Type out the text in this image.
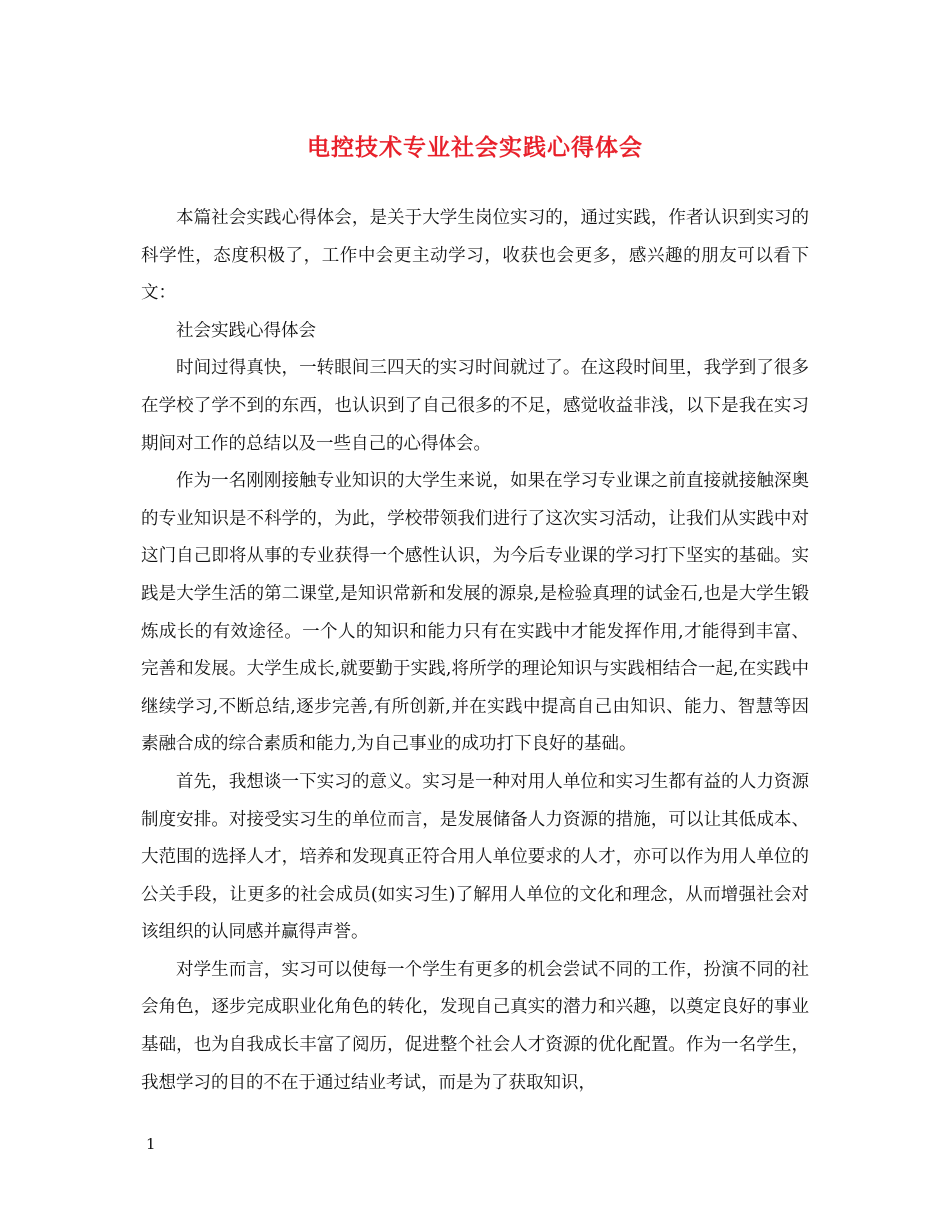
电控技术专业社会实践心得体会

本篇社会实践心得体会，是关于大学生岗位实习的，通过实践，作者认识到实习的科学性，态度积极了，工作中会更主动学习，收获也会更多，感兴趣的朋友可以看下文：

社会实践心得体会

时间过得真快，一转眼间三四天的实习时间就过了。在这段时间里，我学到了很多在学校了学不到的东西，也认识到了自己很多的不足，感觉收益非浅，以下是我在实习期间对工作的总结以及一些自己的心得体会。

作为一名刚刚接触专业知识的大学生来说，如果在学习专业课之前直接就接触深奥的专业知识是不科学的，为此，学校带领我们进行了这次实习活动，让我们从实践中对这门自己即将从事的专业获得一个感性认识，为今后专业课的学习打下坚实的基础。实践是大学生活的第二课堂,是知识常新和发展的源泉,是检验真理的试金石,也是大学生锻炼成长的有效途径。一个人的知识和能力只有在实践中才能发挥作用,才能得到丰富、完善和发展。大学生成长,就要勤于实践,将所学的理论知识与实践相结合一起,在实践中继续学习,不断总结,逐步完善,有所创新,并在实践中提高自己由知识、能力、智慧等因素融合成的综合素质和能力,为自己事业的成功打下良好的基础。

首先，我想谈一下实习的意义。实习是一种对用人单位和实习生都有益的人力资源制度安排。对接受实习生的单位而言，是发展储备人力资源的措施，可以让其低成本、大范围的选择人才，培养和发现真正符合用人单位要求的人才，亦可以作为用人单位的公关手段，让更多的社会成员(如实习生)了解用人单位的文化和理念，从而增强社会对该组织的认同感并赢得声誉。

对学生而言，实习可以使每一个学生有更多的机会尝试不同的工作，扮演不同的社会角色，逐步完成职业化角色的转化，发现自己真实的潜力和兴趣，以奠定良好的事业基础，也为自我成长丰富了阅历，促进整个社会人才资源的优化配置。作为一名学生，我想学习的目的不在于通过结业考试，而是为了获取知识，

1
